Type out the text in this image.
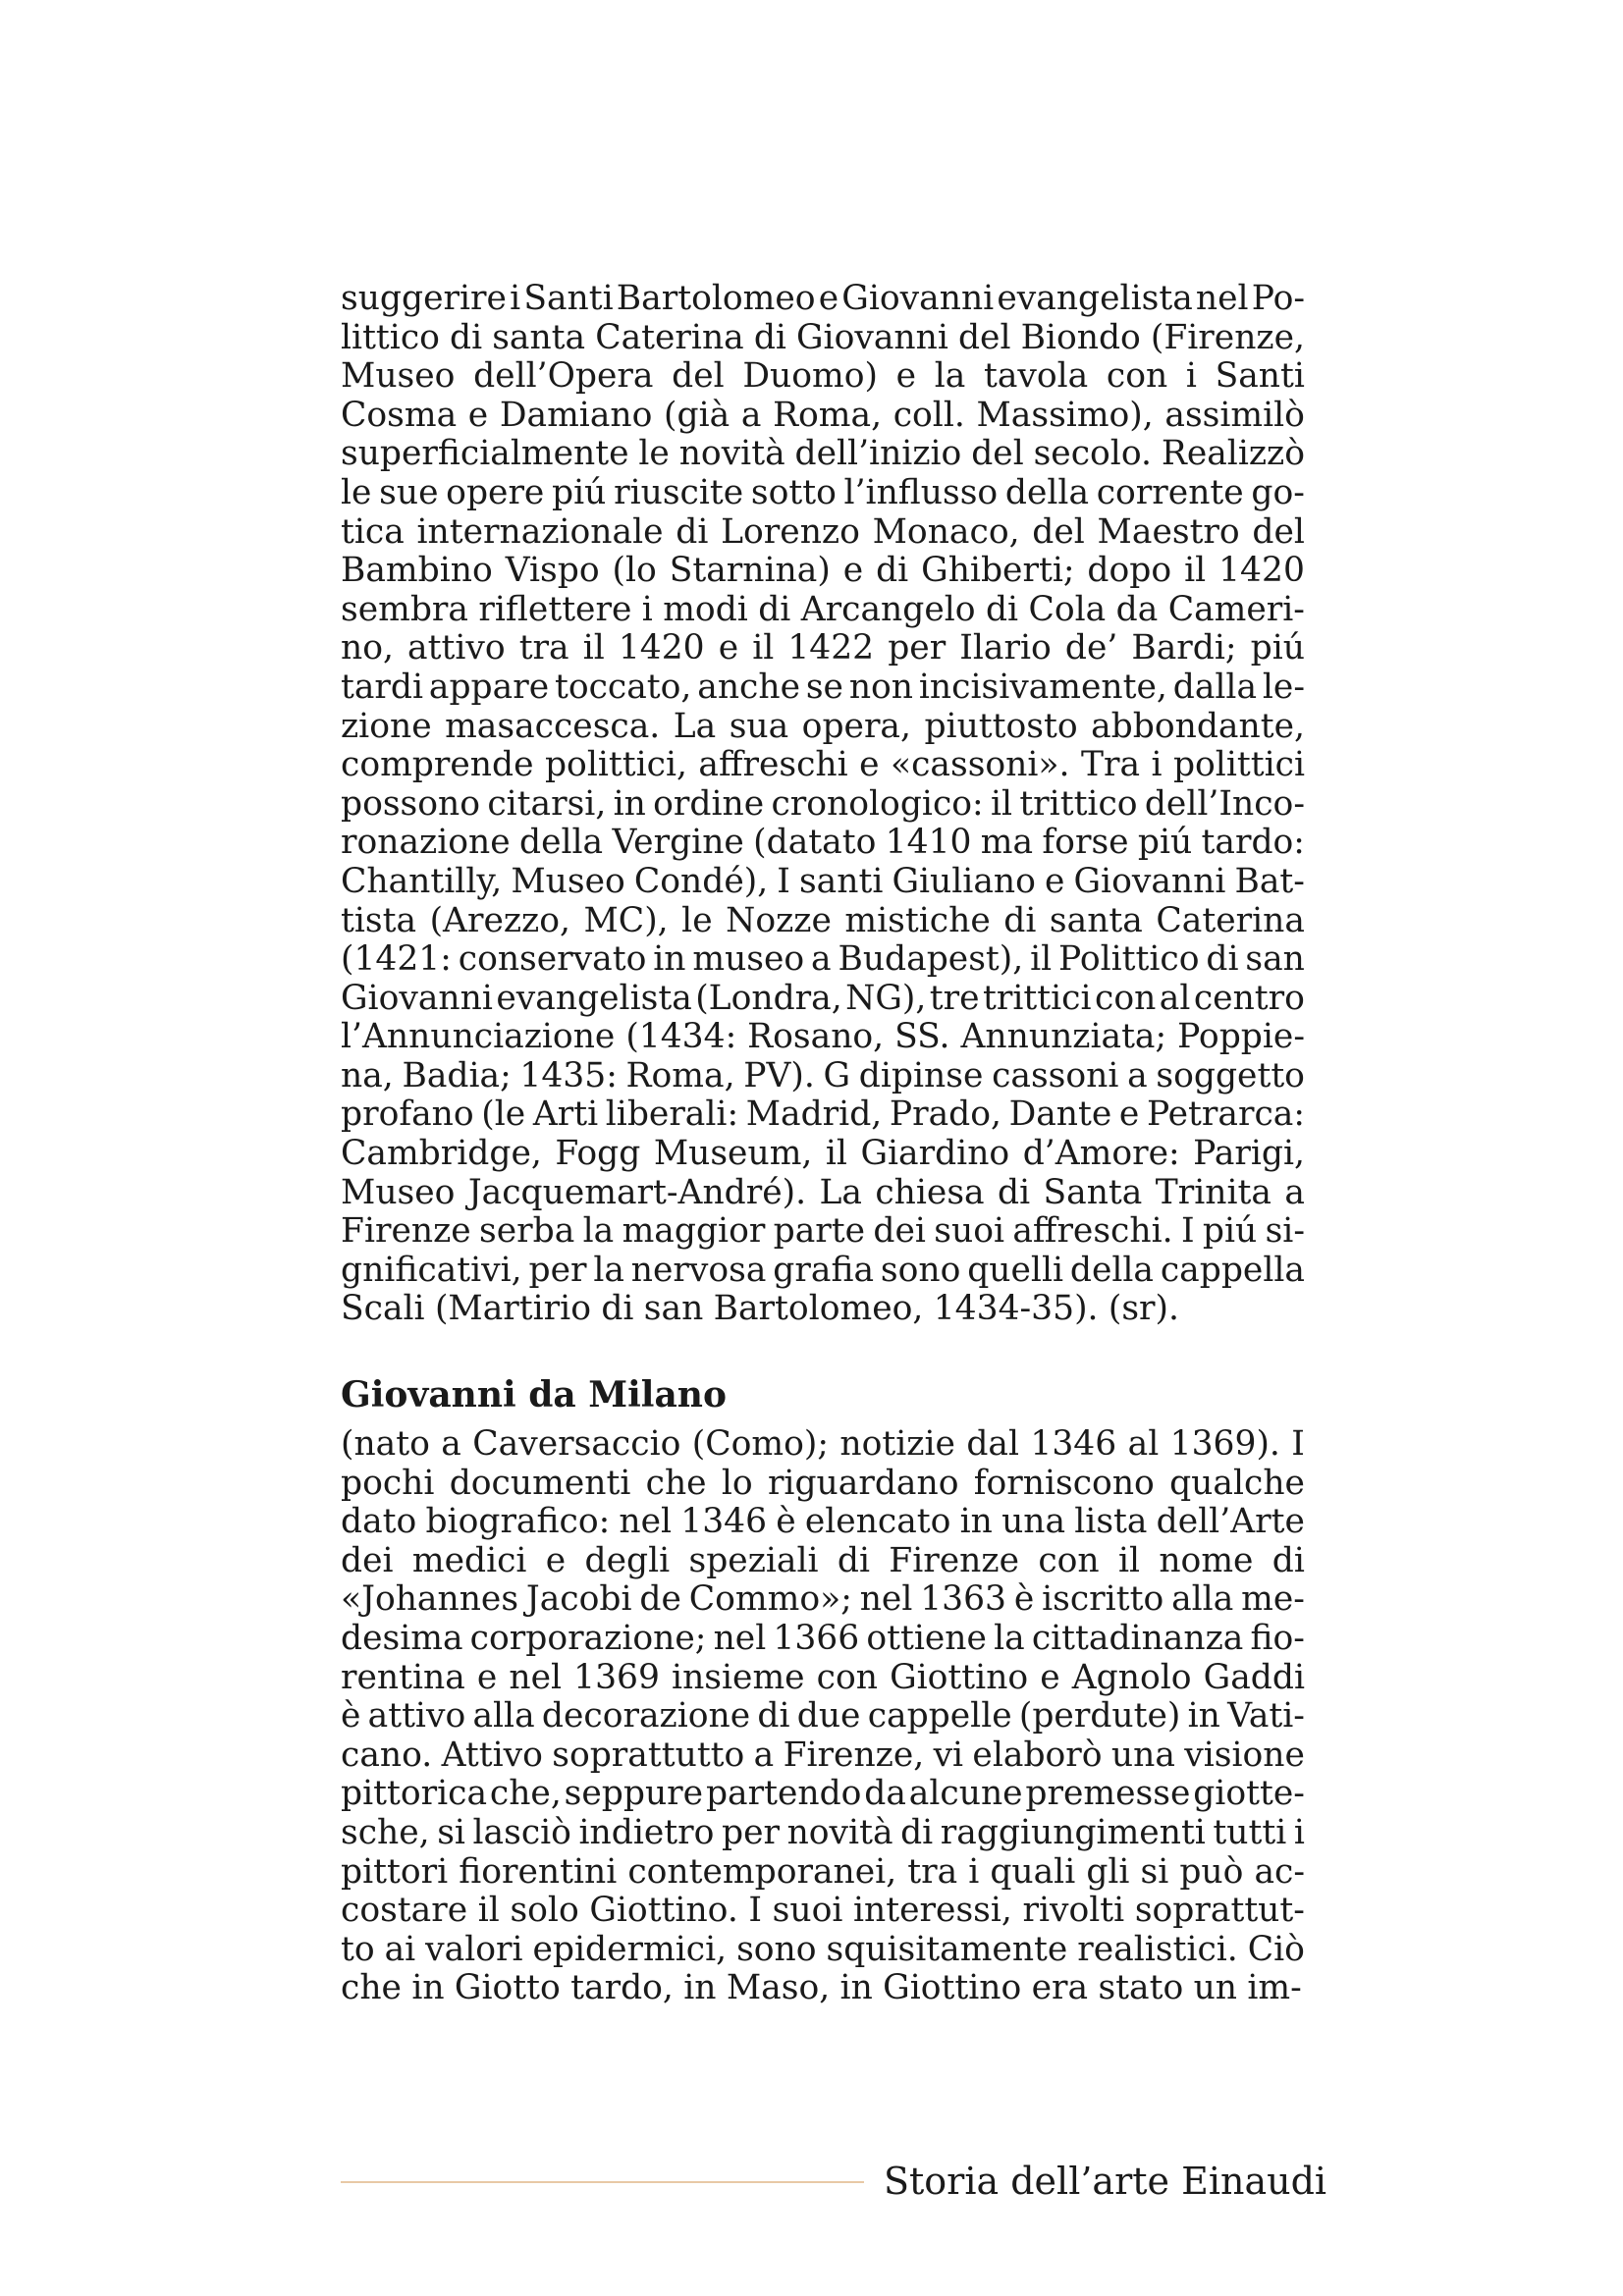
suggerire i Santi Bartolomeo e Giovanni evangelista nel Po-
littico di santa Caterina di Giovanni del Biondo (Firenze,
Museo dell’Opera del Duomo) e la tavola con i Santi
Cosma e Damiano (già a Roma, coll. Massimo), assimilò
superficialmente le novità dell’inizio del secolo. Realizzò
le sue opere piú riuscite sotto l’influsso della corrente go-
tica internazionale di Lorenzo Monaco, del Maestro del
Bambino Vispo (lo Starnina) e di Ghiberti; dopo il 1420
sembra riflettere i modi di Arcangelo di Cola da Cameri-
no, attivo tra il 1420 e il 1422 per Ilario de’ Bardi; piú
tardi appare toccato, anche se non incisivamente, dalla le-
zione masaccesca. La sua opera, piuttosto abbondante,
comprende polittici, affreschi e «cassoni». Tra i polittici
possono citarsi, in ordine cronologico: il trittico dell’Inco-
ronazione della Vergine (datato 1410 ma forse piú tardo:
Chantilly, Museo Condé), I santi Giuliano e Giovanni Bat-
tista (Arezzo, MC), le Nozze mistiche di santa Caterina
(1421: conservato in museo a Budapest), il Polittico di san
Giovanni evangelista (Londra, NG), tre trittici con al centro
l’Annunciazione (1434: Rosano, SS. Annunziata; Poppie-
na, Badia; 1435: Roma, PV). G dipinse cassoni a soggetto
profano (le Arti liberali: Madrid, Prado, Dante e Petrarca:
Cambridge, Fogg Museum, il Giardino d’Amore: Parigi,
Museo Jacquemart-André). La chiesa di Santa Trinita a
Firenze serba la maggior parte dei suoi affreschi. I piú si-
gnificativi, per la nervosa grafia sono quelli della cappella
Scali (Martirio di san Bartolomeo, 1434-35). (sr).
Giovanni da Milano
(nato a Caversaccio (Como); notizie dal 1346 al 1369). I
pochi documenti che lo riguardano forniscono qualche
dato biografico: nel 1346 è elencato in una lista dell’Arte
dei medici e degli speziali di Firenze con il nome di
«Johannes Jacobi de Commo»; nel 1363 è iscritto alla me-
desima corporazione; nel 1366 ottiene la cittadinanza fio-
rentina e nel 1369 insieme con Giottino e Agnolo Gaddi
è attivo alla decorazione di due cappelle (perdute) in Vati-
cano. Attivo soprattutto a Firenze, vi elaborò una visione
pittorica che, seppure partendo da alcune premesse giotte-
sche, si lasciò indietro per novità di raggiungimenti tutti i
pittori fiorentini contemporanei, tra i quali gli si può ac-
costare il solo Giottino. I suoi interessi, rivolti soprattut-
to ai valori epidermici, sono squisitamente realistici. Ciò
che in Giotto tardo, in Maso, in Giottino era stato un im-
Storia dell’arte Einaudi
